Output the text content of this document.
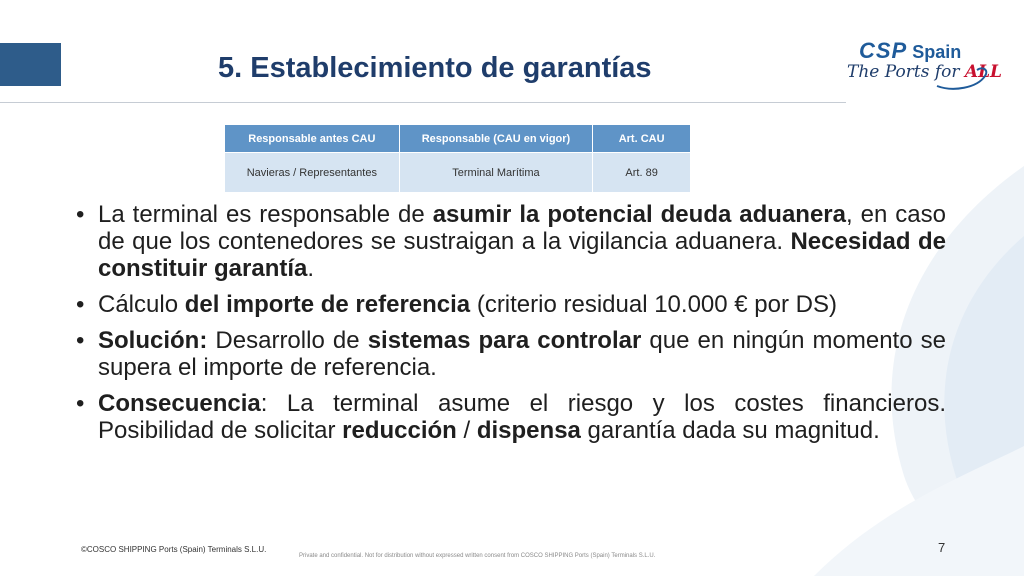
5. Establecimiento de garantías
CSP Spain
The Ports for ALL
Responsable antes CAU	Responsable (CAU en vigor)	Art. CAU
Navieras / Representantes	Terminal Marítima	Art. 89
• La terminal es responsable de asumir la potencial deuda aduanera, en caso de que los contenedores se sustraigan a la vigilancia aduanera. Necesidad de constituir garantía.
• Cálculo del importe de referencia (criterio residual 10.000 € por DS)
• Solución: Desarrollo de sistemas para controlar que en ningún momento se supera el importe de referencia.
• Consecuencia: La terminal asume el riesgo y los costes financieros. Posibilidad de solicitar reducción / dispensa garantía dada su magnitud.
©COSCO SHIPPING Ports (Spain) Terminals S.L.U.
Private and confidential. Not for distribution without expressed written consent from COSCO SHIPPING Ports (Spain) Terminals S.L.U.
7
